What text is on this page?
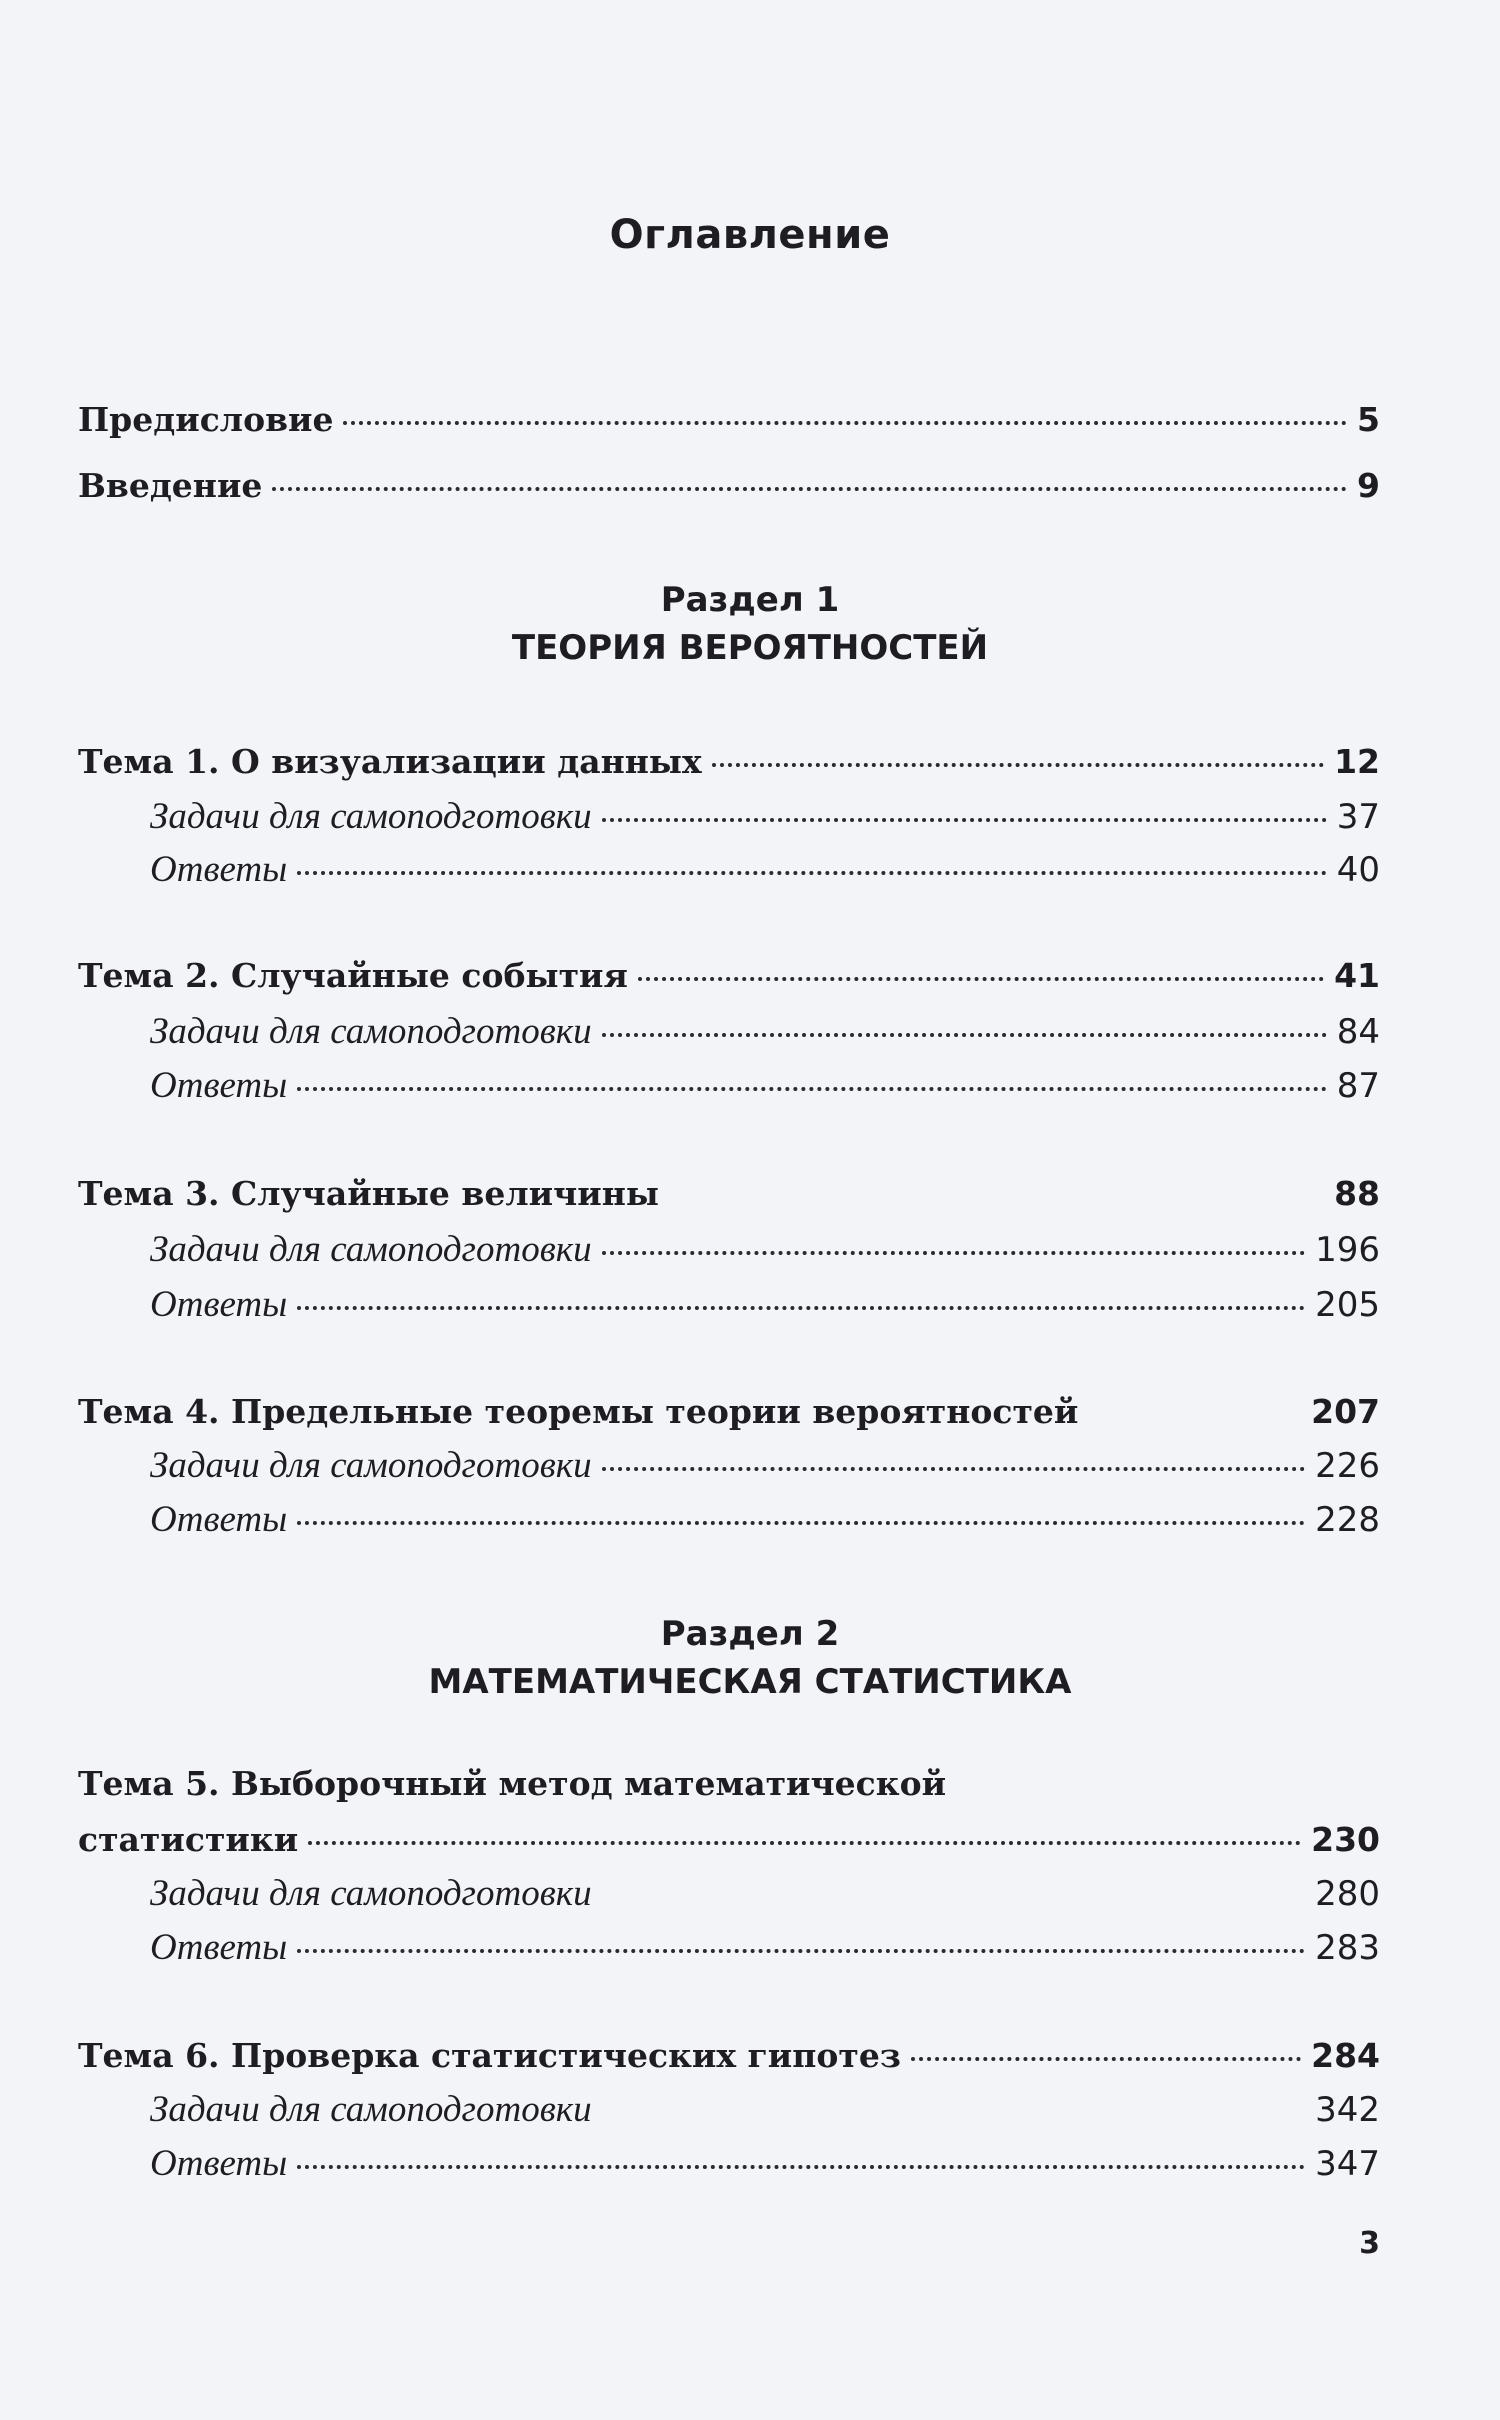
Оглавление
Предисловие	5
Введение	9
Раздел 1
ТЕОРИЯ ВЕРОЯТНОСТЕЙ
Тема 1. О визуализации данных	12
Задачи для самоподготовки	37
Ответы	40
Тема 2. Случайные события	41
Задачи для самоподготовки	84
Ответы	87
Тема 3. Случайные величины	88
Задачи для самоподготовки	196
Ответы	205
Тема 4. Предельные теоремы теории вероятностей	207
Задачи для самоподготовки	226
Ответы	228
Раздел 2
МАТЕМАТИЧЕСКАЯ СТАТИСТИКА
Тема 5. Выборочный метод математической
статистики	230
Задачи для самоподготовки	280
Ответы	283
Тема 6. Проверка статистических гипотез	284
Задачи для самоподготовки	342
Ответы	347
3
